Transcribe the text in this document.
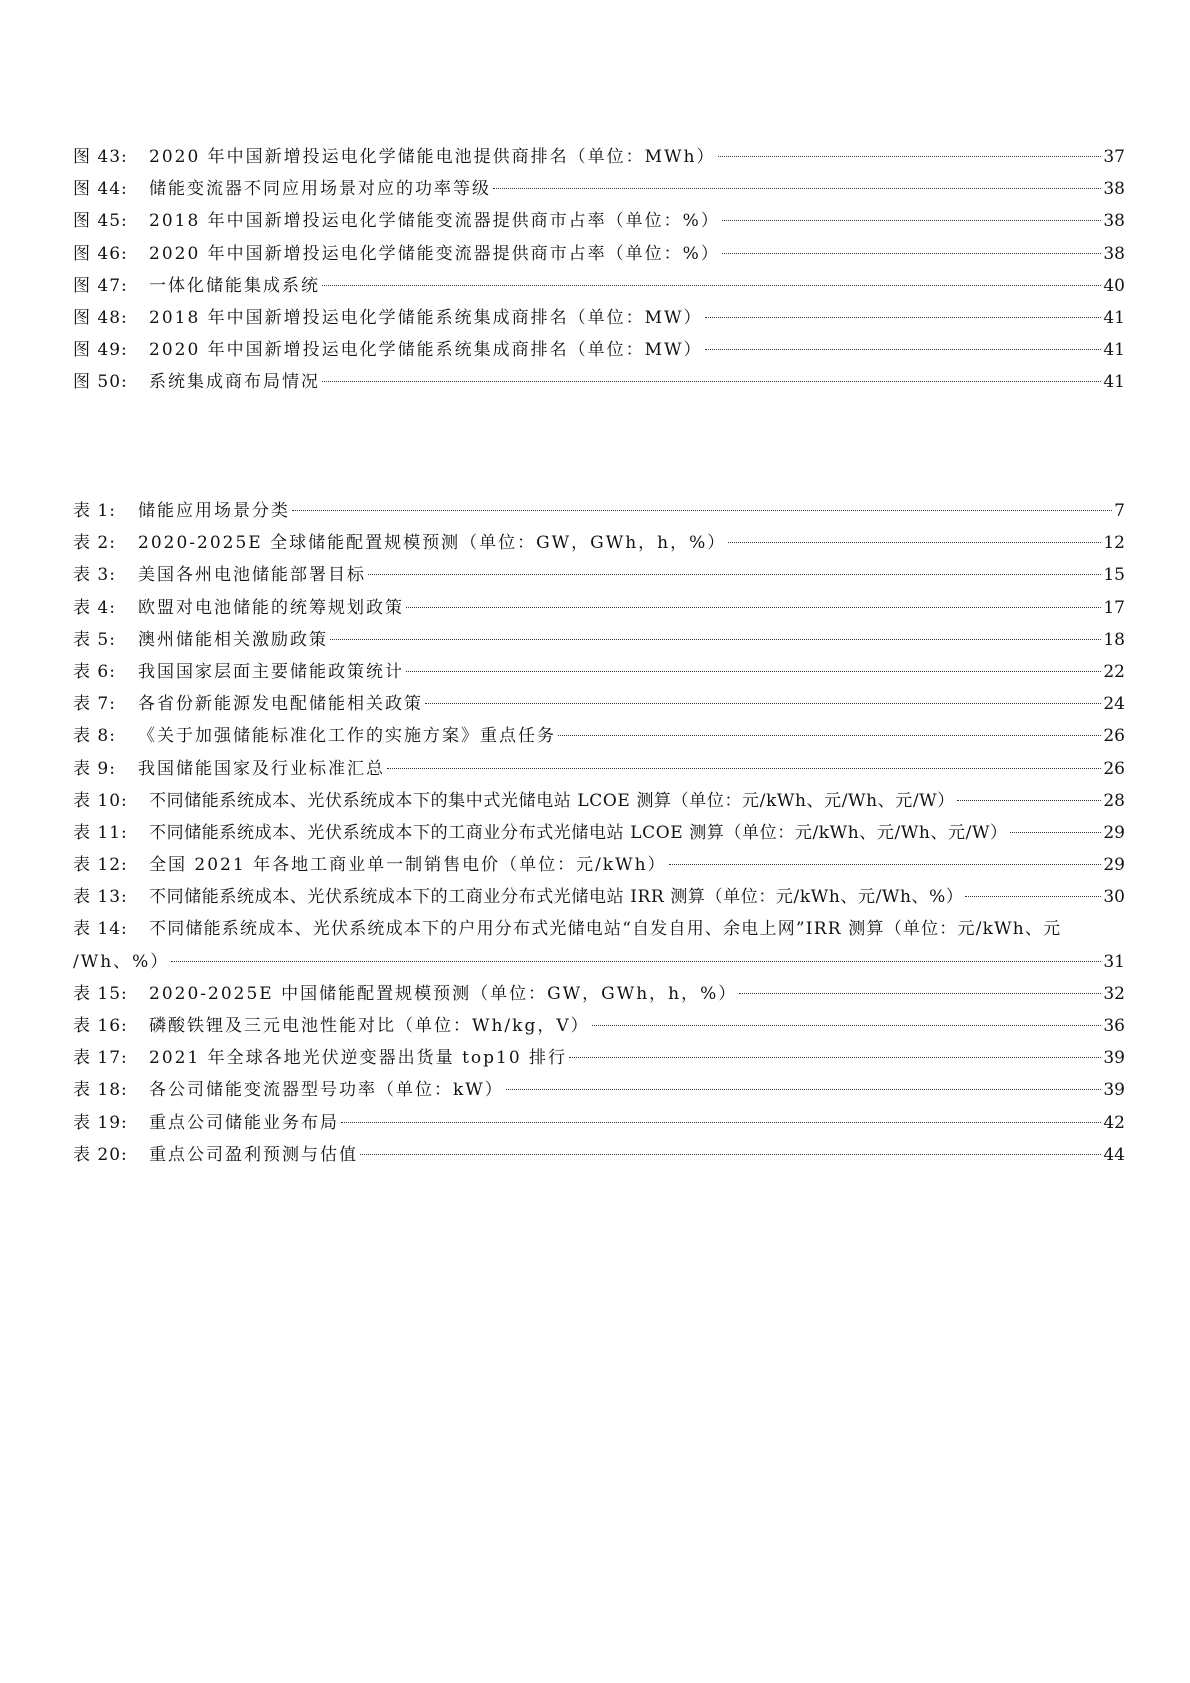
图 43:	2020 年中国新增投运电化学储能电池提供商排名（单位：MWh）	37
图 44:	储能变流器不同应用场景对应的功率等级	38
图 45:	2018 年中国新增投运电化学储能变流器提供商市占率（单位：%）	38
图 46:	2020 年中国新增投运电化学储能变流器提供商市占率（单位：%）	38
图 47:	一体化储能集成系统	40
图 48:	2018 年中国新增投运电化学储能系统集成商排名（单位：MW）	41
图 49:	2020 年中国新增投运电化学储能系统集成商排名（单位：MW）	41
图 50:	系统集成商布局情况	41
表 1:	储能应用场景分类	7
表 2:	2020-2025E 全球储能配置规模预测（单位：GW，GWh，h，%）	12
表 3:	美国各州电池储能部署目标	15
表 4:	欧盟对电池储能的统筹规划政策	17
表 5:	澳州储能相关激励政策	18
表 6:	我国国家层面主要储能政策统计	22
表 7:	各省份新能源发电配储能相关政策	24
表 8:	《关于加强储能标准化工作的实施方案》重点任务	26
表 9:	我国储能国家及行业标准汇总	26
表 10:	不同储能系统成本、光伏系统成本下的集中式光储电站 LCOE 测算（单位：元/kWh、元/Wh、元/W）	28
表 11:	不同储能系统成本、光伏系统成本下的工商业分布式光储电站 LCOE 测算（单位：元/kWh、元/Wh、元/W）	29
表 12:	全国 2021 年各地工商业单一制销售电价（单位：元/kWh）	29
表 13:	不同储能系统成本、光伏系统成本下的工商业分布式光储电站 IRR 测算（单位：元/kWh、元/Wh、%）	30
表 14:	不同储能系统成本、光伏系统成本下的户用分布式光储电站“自发自用、余电上网”IRR 测算（单位：元/kWh、元
/Wh、%）	31
表 15:	2020-2025E 中国储能配置规模预测（单位：GW，GWh，h，%）	32
表 16:	磷酸铁锂及三元电池性能对比（单位：Wh/kg，V）	36
表 17:	2021 年全球各地光伏逆变器出货量 top10 排行	39
表 18:	各公司储能变流器型号功率（单位：kW）	39
表 19:	重点公司储能业务布局	42
表 20:	重点公司盈利预测与估值	44
